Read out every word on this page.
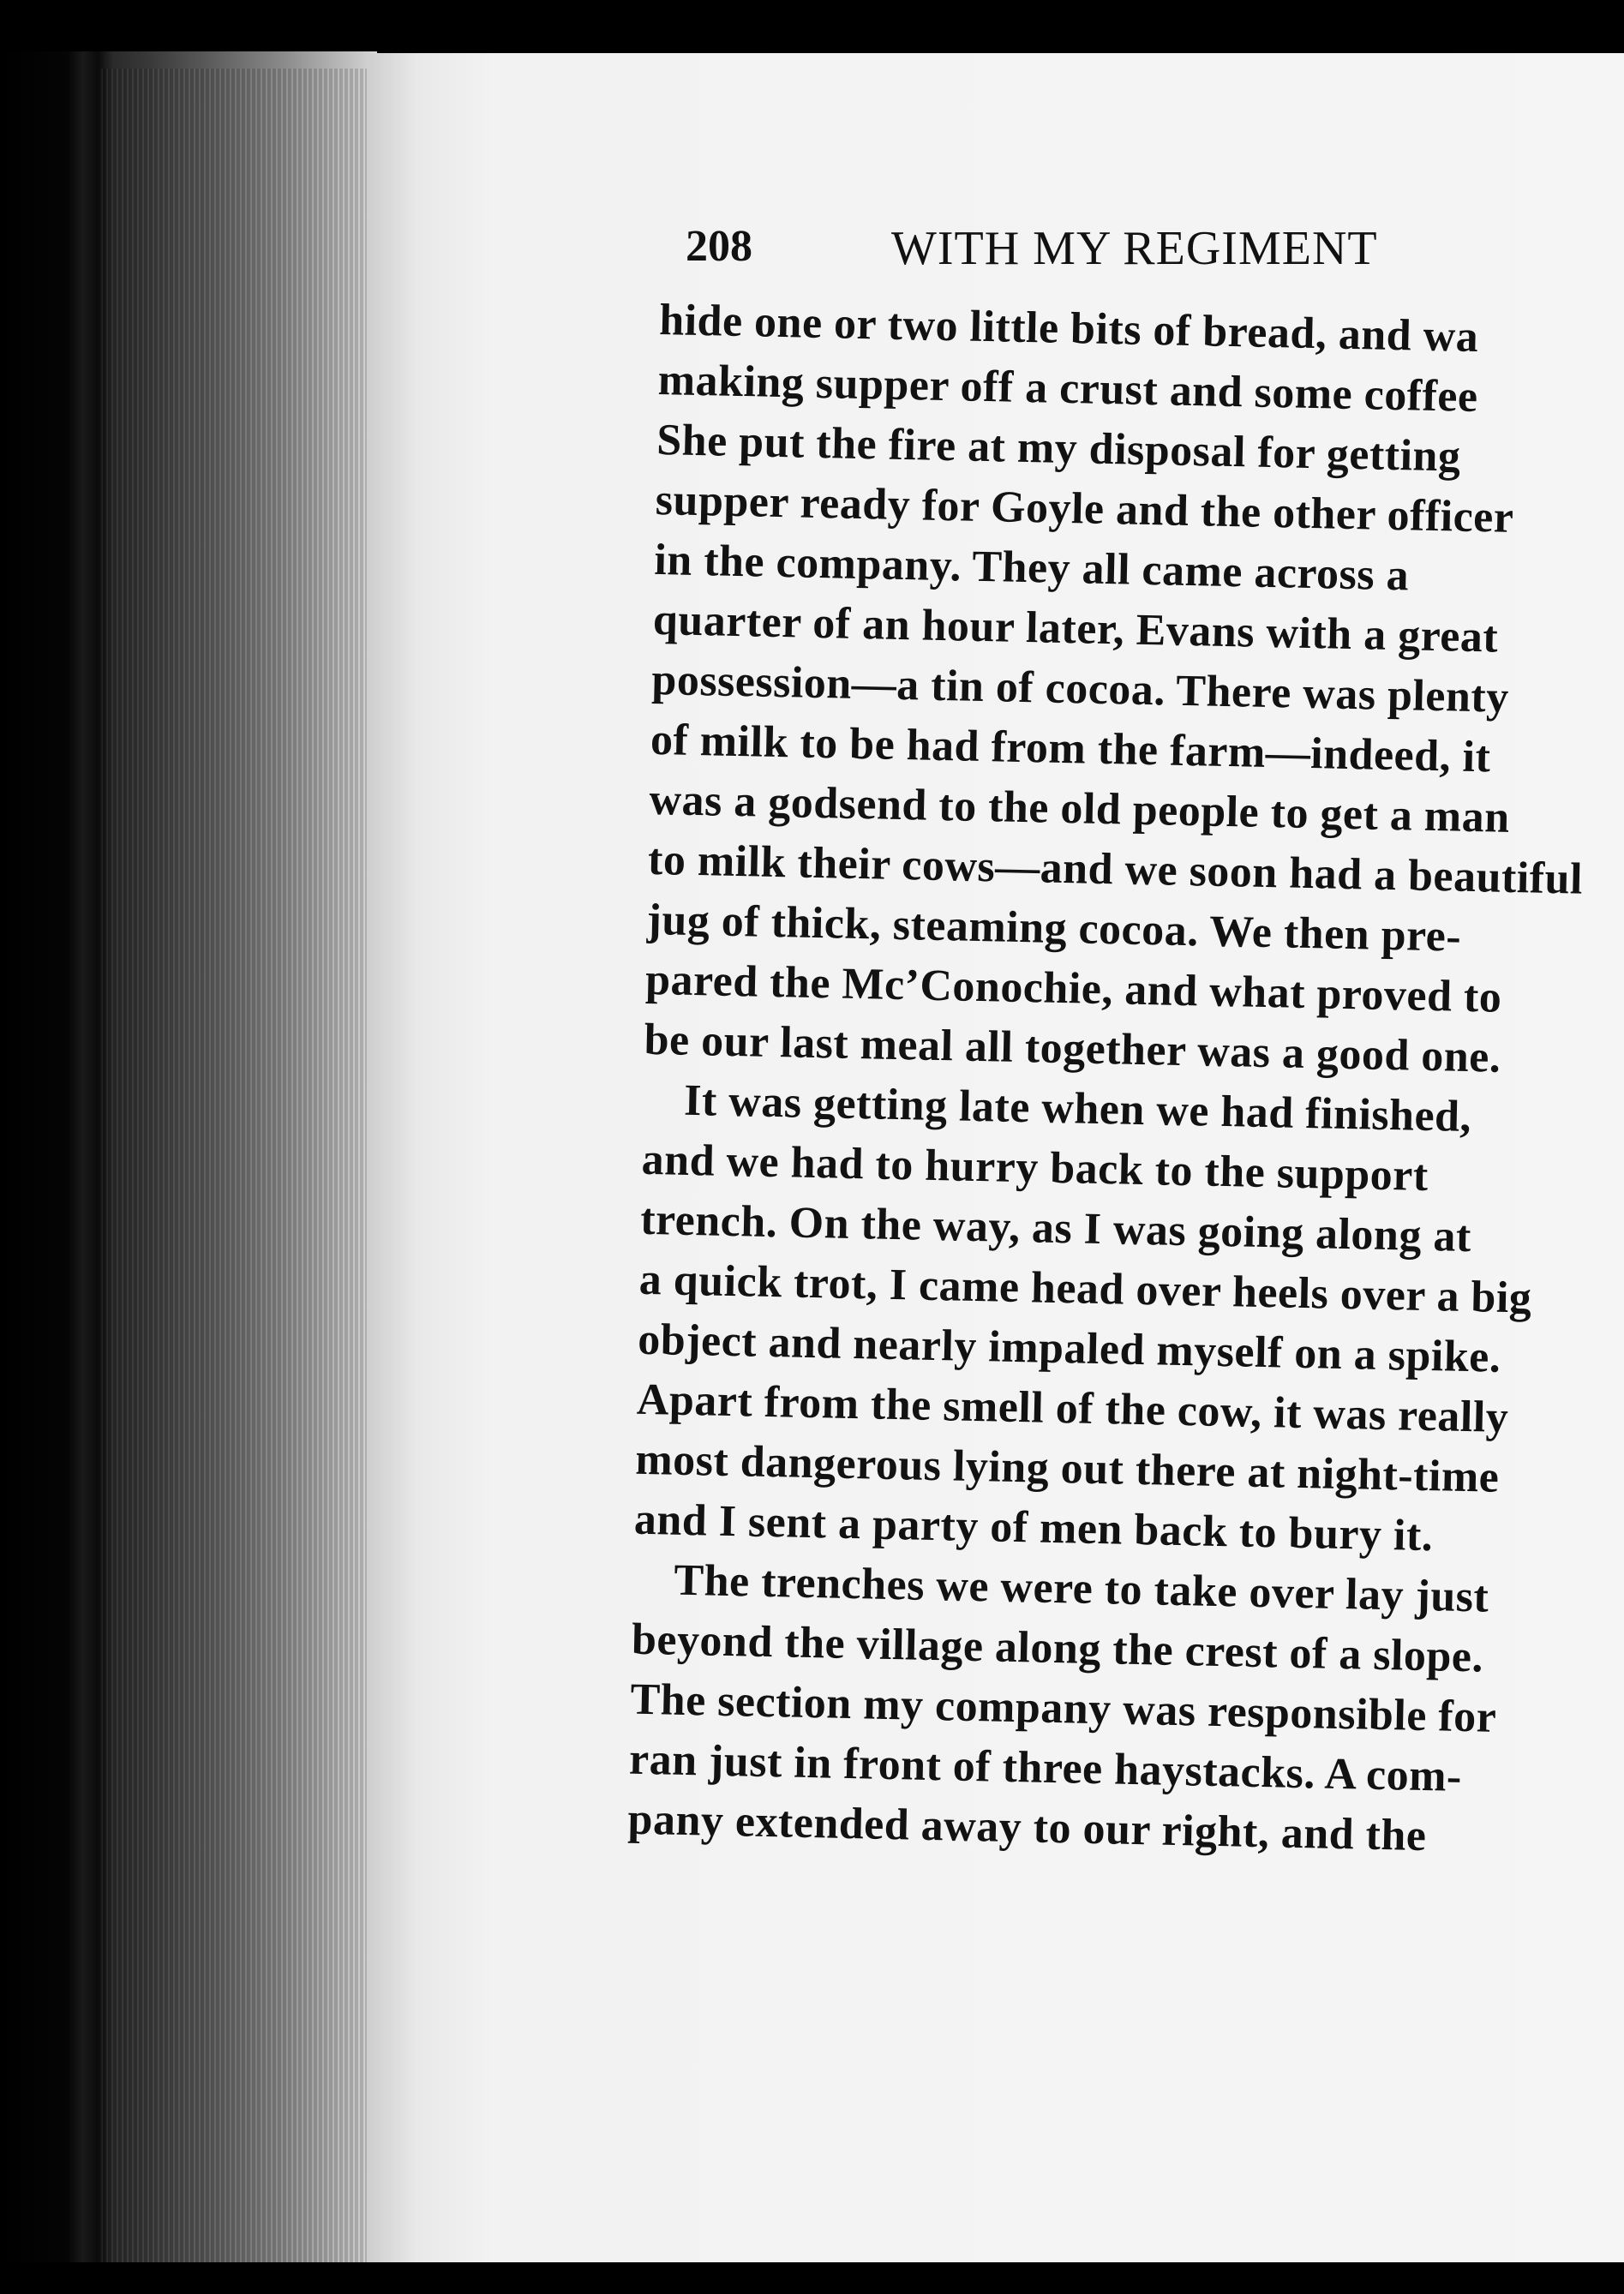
208	WITH MY REGIMENT
hide one or two little bits of bread, and wa
making supper off a crust and some coffee
She put the fire at my disposal for getting
supper ready for Goyle and the other officer
in the company. They all came across a
quarter of an hour later, Evans with a great
possession—a tin of cocoa. There was plenty
of milk to be had from the farm—indeed, it
was a godsend to the old people to get a man
to milk their cows—and we soon had a beautiful
jug of thick, steaming cocoa. We then pre-
pared the Mc’Conochie, and what proved to
be our last meal all together was a good one.
It was getting late when we had finished,
and we had to hurry back to the support
trench. On the way, as I was going along at
a quick trot, I came head over heels over a big
object and nearly impaled myself on a spike.
Apart from the smell of the cow, it was really
most dangerous lying out there at night-time
and I sent a party of men back to bury it.
The trenches we were to take over lay just
beyond the village along the crest of a slope.
The section my company was responsible for
ran just in front of three haystacks. A com-
pany extended away to our right, and the
